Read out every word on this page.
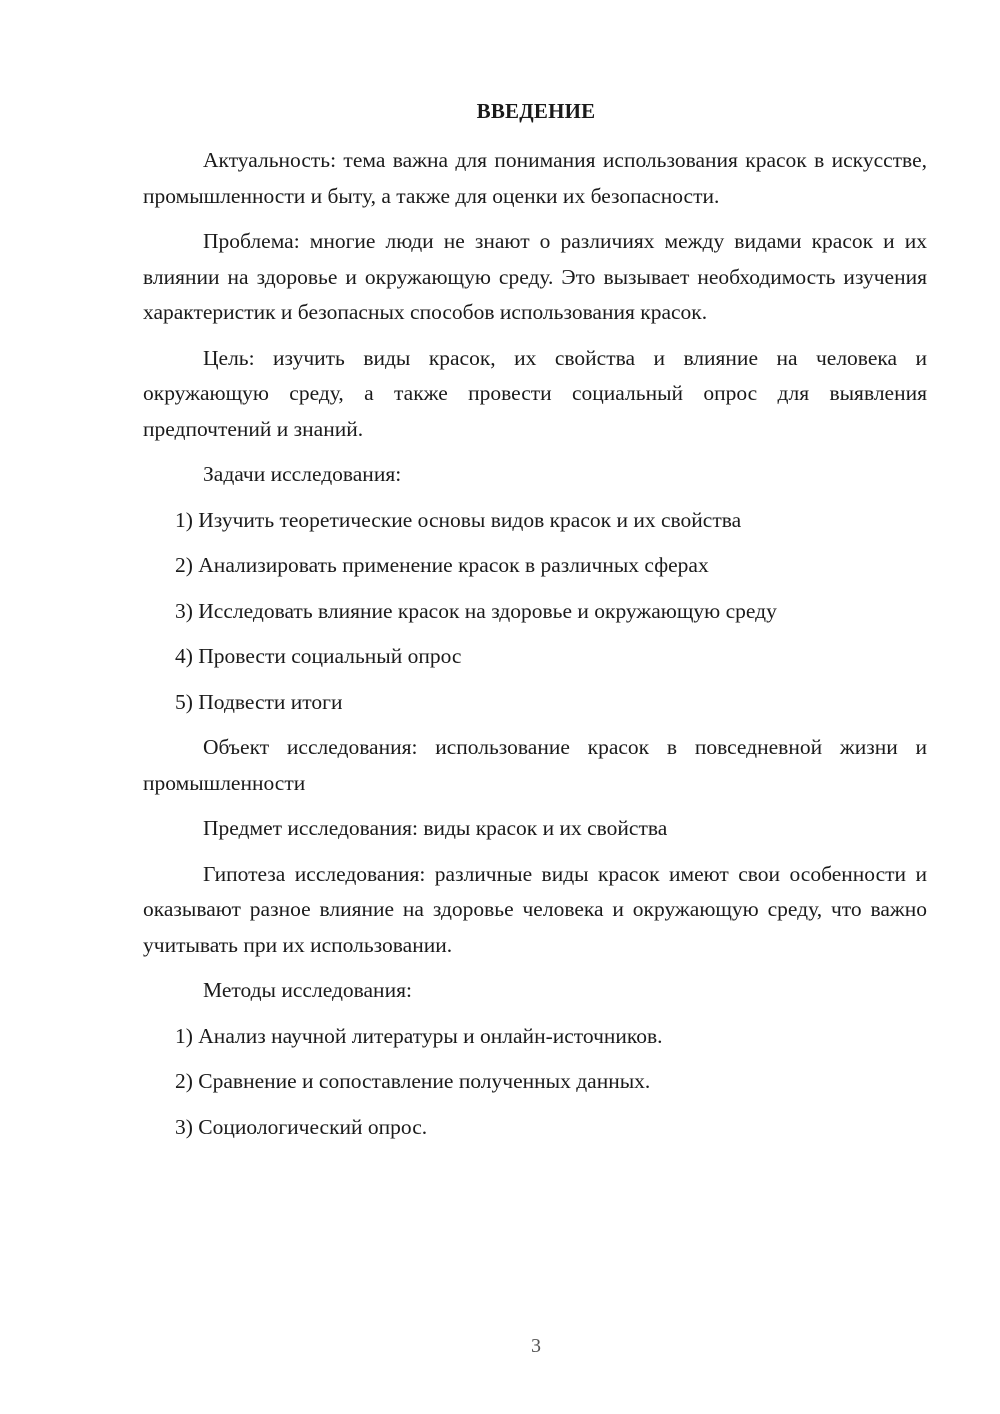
ВВЕДЕНИЕ

Актуальность: тема важна для понимания использования красок в искусстве, промышленности и быту, а также для оценки их безопасности.

Проблема: многие люди не знают о различиях между видами красок и их влиянии на здоровье и окружающую среду. Это вызывает необходимость изучения характеристик и безопасных способов использования красок.

Цель: изучить виды красок, их свойства и влияние на человека и окружающую среду, а также провести социальный опрос для выявления предпочтений и знаний.

Задачи исследования:

1) Изучить теоретические основы видов красок и их свойства
2) Анализировать применение красок в различных сферах
3) Исследовать влияние красок на здоровье и окружающую среду
4) Провести социальный опрос
5) Подвести итоги

Объект исследования: использование красок в повседневной жизни и промышленности

Предмет исследования: виды красок и их свойства

Гипотеза исследования: различные виды красок имеют свои особенности и оказывают разное влияние на здоровье человека и окружающую среду, что важно учитывать при их использовании.

Методы исследования:

1) Анализ научной литературы и онлайн-источников.
2) Сравнение и сопоставление полученных данных.
3) Социологический опрос.
3
